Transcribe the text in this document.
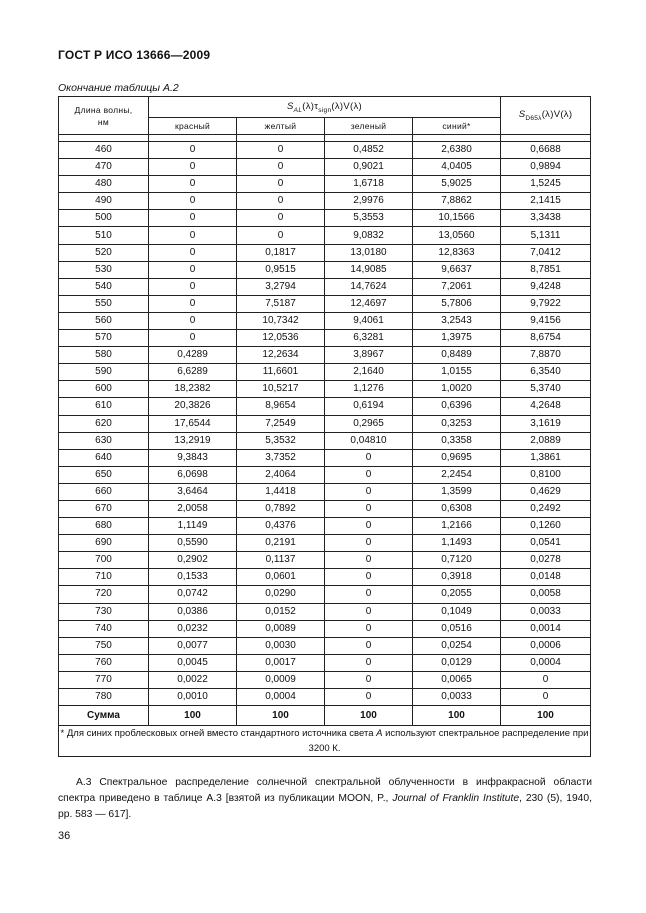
ГОСТ Р ИСО 13666—2009
Окончание таблицы А.2
Длина волны,
нм	$S_{AL}(\lambda)\tau_{sign}(\lambda)V(\lambda)$				$S_{D65\lambda}(\lambda)V(\lambda)$
	красный	желтый	зеленый	синий*	

460	0	0	0,4852	2,6380	0,6688
470	0	0	0,9021	4,0405	0,9894
480	0	0	1,6718	5,9025	1,5245
490	0	0	2,9976	7,8862	2,1415
500	0	0	5,3553	10,1566	3,3438
510	0	0	9,0832	13,0560	5,1311
520	0	0,1817	13,0180	12,8363	7,0412
530	0	0,9515	14,9085	9,6637	8,7851
540	0	3,2794	14,7624	7,2061	9,4248
550	0	7,5187	12,4697	5,7806	9,7922
560	0	10,7342	9,4061	3,2543	9,4156
570	0	12,0536	6,3281	1,3975	8,6754
580	0,4289	12,2634	3,8967	0,8489	7,8870
590	6,6289	11,6601	2,1640	1,0155	6,3540
600	18,2382	10,5217	1,1276	1,0020	5,3740
610	20,3826	8,9654	0,6194	0,6396	4,2648
620	17,6544	7,2549	0,2965	0,3253	3,1619
630	13,2919	5,3532	0,04810	0,3358	2,0889
640	9,3843	3,7352	0	0,9695	1,3861
650	6,0698	2,4064	0	2,2454	0,8100
660	3,6464	1,4418	0	1,3599	0,4629
670	2,0058	0,7892	0	0,6308	0,2492
680	1,1149	0,4376	0	1,2166	0,1260
690	0,5590	0,2191	0	1,1493	0,0541
700	0,2902	0,1137	0	0,7120	0,0278
710	0,1533	0,0601	0	0,3918	0,0148
720	0,0742	0,0290	0	0,2055	0,0058
730	0,0386	0,0152	0	0,1049	0,0033
740	0,0232	0,0089	0	0,0516	0,0014
750	0,0077	0,0030	0	0,0254	0,0006
760	0,0045	0,0017	0	0,0129	0,0004
770	0,0022	0,0009	0	0,0065	0
780	0,0010	0,0004	0	0,0033	0
Сумма	100	100	100	100	100
* Для синих проблесковых огней вместо стандартного источника света А используют спектральное распределение при 3200 К.					
А.3 Спектральное распределение солнечной спектральной облученности в инфракрасной области спектра приведено в таблице А.3 [взятой из публикации MOON, P., Journal of Franklin Institute, 230 (5), 1940, pp. 583 — 617].
36
